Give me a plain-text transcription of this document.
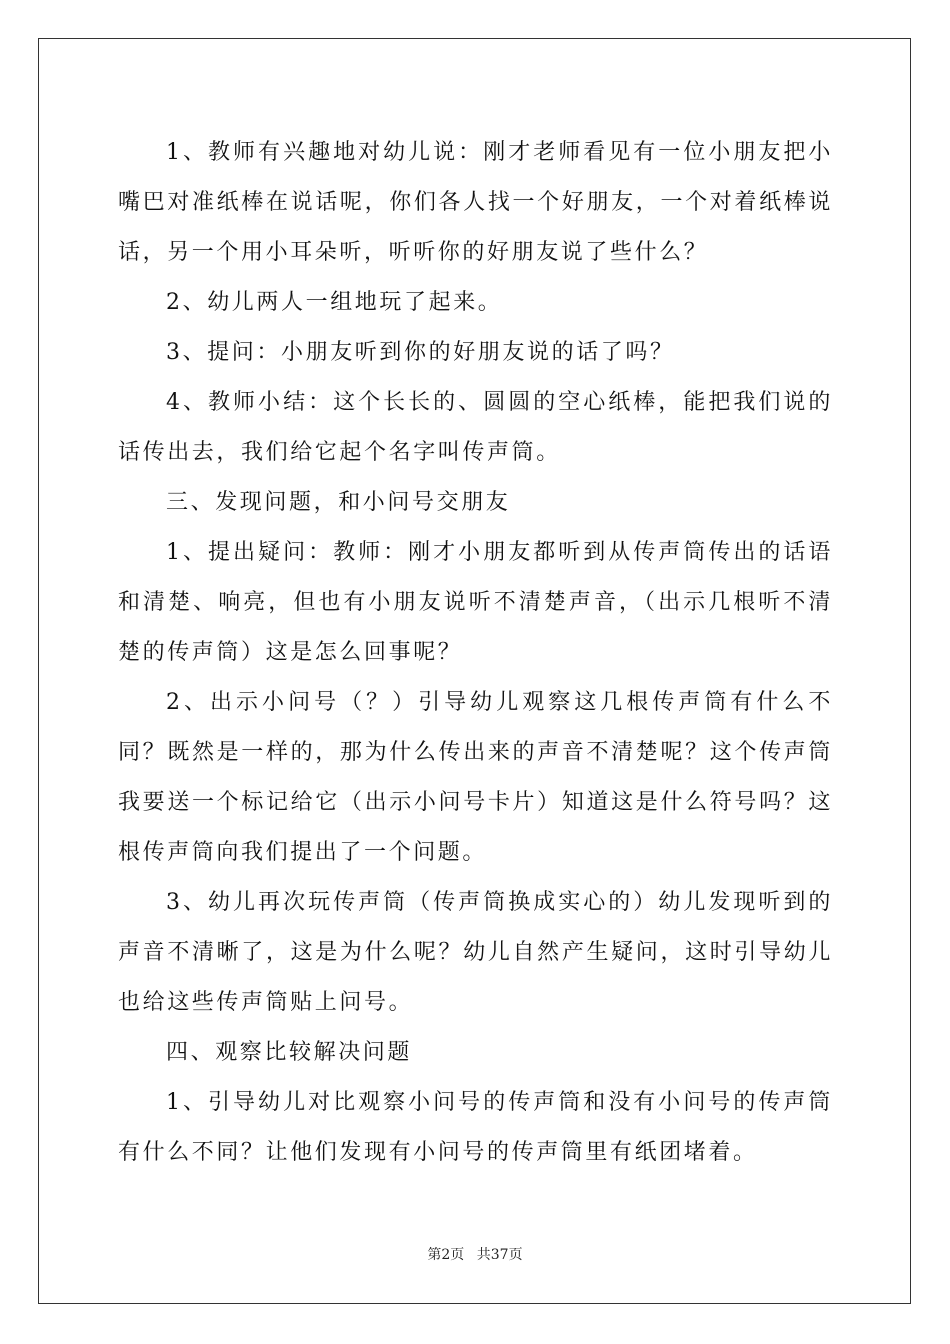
1、教师有兴趣地对幼儿说：刚才老师看见有一位小朋友把小嘴巴对准纸棒在说话呢，你们各人找一个好朋友，一个对着纸棒说话，另一个用小耳朵听，听听你的好朋友说了些什么？

2、幼儿两人一组地玩了起来。

3、提问：小朋友听到你的好朋友说的话了吗？

4、教师小结：这个长长的、圆圆的空心纸棒，能把我们说的话传出去，我们给它起个名字叫传声筒。

三、发现问题，和小问号交朋友

1、提出疑问：教师：刚才小朋友都听到从传声筒传出的话语和清楚、响亮，但也有小朋友说听不清楚声音，（出示几根听不清楚的传声筒）这是怎么回事呢？

2、出示小问号（？）引导幼儿观察这几根传声筒有什么不同？既然是一样的，那为什么传出来的声音不清楚呢？这个传声筒我要送一个标记给它（出示小问号卡片）知道这是什么符号吗？这根传声筒向我们提出了一个问题。

3、幼儿再次玩传声筒（传声筒换成实心的）幼儿发现听到的声音不清晰了，这是为什么呢？幼儿自然产生疑问，这时引导幼儿也给这些传声筒贴上问号。

四、观察比较解决问题

1、引导幼儿对比观察小问号的传声筒和没有小问号的传声筒有什么不同？让他们发现有小问号的传声筒里有纸团堵着。

第2页 共37页
